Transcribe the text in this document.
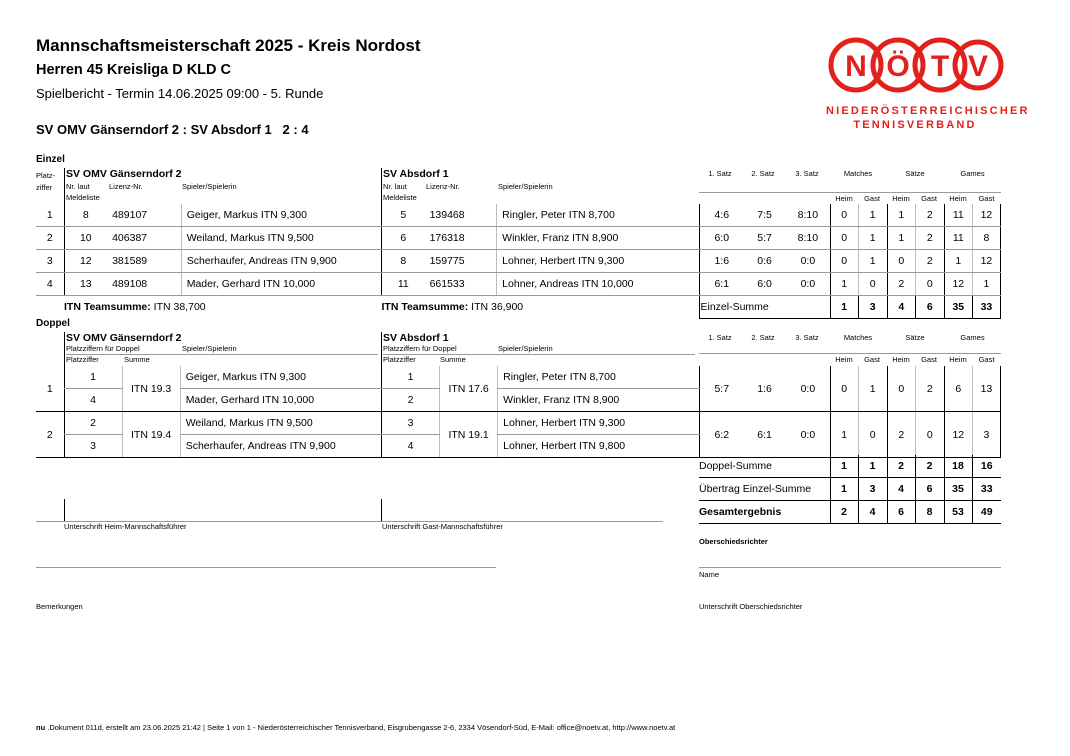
Mannschaftsmeisterschaft 2025 - Kreis Nordost
Herren 45 Kreisliga D KLD C
Spielbericht - Termin 14.06.2025 09:00 - 5. Runde
SV OMV Gänserndorf 2 : SV Absdorf 1   2 : 4
N Ö T V
NIEDERÖSTERREICHISCHER
TENNISVERBAND
Einzel
Platz-
ziffer
SV OMV Gänserndorf 2
Nr. laut
Meldeliste
Lizenz-Nr.	Spieler/Spielerin
SV Absdorf 1
Nr. laut
Meldeliste
Lizenz-Nr.	Spieler/Spielerin
1. Satz	2. Satz	3. Satz	Matches	Sätze	Games
Heim	Gast	Heim	Gast	Heim	Gast
1	8	489107	Geiger, Markus ITN 9,300	5	139468	Ringler, Peter ITN 8,700	4:6	7:5	8:10	0	1	1	2	11	12
2	10	406387	Weiland, Markus ITN 9,500	6	176318	Winkler, Franz ITN 8,900	6:0	5:7	8:10	0	1	1	2	11	8
3	12	381589	Scherhaufer, Andreas ITN 9,900	8	159775	Lohner, Herbert ITN 9,300	1:6	0:6	0:0	0	1	0	2	1	12
4	13	489108	Mader, Gerhard ITN 10,000	11	661533	Lohner, Andreas ITN 10,000	6:1	6:0	0:0	1	0	2	0	12	1
ITN Teamsumme: ITN 38,700				ITN Teamsumme: ITN 36,900			Einzel-Summe			1	3	4	6	35	33
Doppel
SV OMV Gänserndorf 2
Platzziffern für Doppel
Platzziffer	Summe
Spieler/Spielerin
SV Absdorf 1
Platzziffern für Doppel
Platzziffer	Summe
Spieler/Spielerin
1. Satz	2. Satz	3. Satz	Matches	Sätze	Games
Heim	Gast	Heim	Gast	Heim	Gast
1	1	ITN 19.3	Geiger, Markus ITN 9,300	1	ITN 17.6	Ringler, Peter ITN 8,700	5:7	1:6	0:0	0	1	0	2	6	13
	4		Mader, Gerhard ITN 10,000	2		Winkler, Franz ITN 8,900									
2	2	ITN 19.4	Weiland, Markus ITN 9,500	3	ITN 19.1	Lohner, Herbert ITN 9,300	6:2	6:1	0:0	1	0	2	0	12	3
	3		Scherhaufer, Andreas ITN 9,900	4		Lohner, Herbert ITN 9,800									
Doppel-Summe	1	1	2	2	18	16
Übertrag Einzel-Summe	1	3	4	6	35	33
Gesamtergebnis	2	4	6	8	53	49
Unterschrift Heim-Mannschaftsführer	Unterschrift Gast-Mannschaftsführer
Oberschiedsrichter
Name
Bemerkungen	Unterschrift Oberschiedsrichter
nu .Dokument 011d, erstellt am 23.06.2025 21:42 | Seite 1 von 1 - Niederösterreichischer Tennisverband, Eisgrubengasse 2-6, 2334 Vösendorf-Süd, E-Mail: office@noetv.at, http://www.noetv.at
